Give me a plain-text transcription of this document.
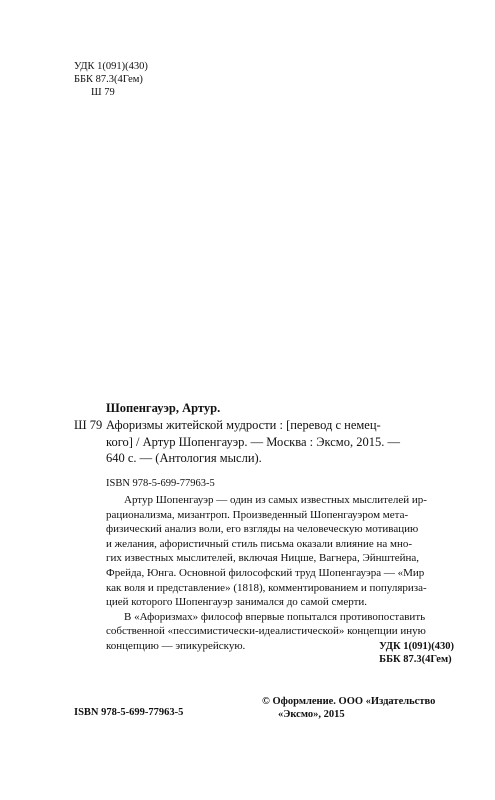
УДК 1(091)(430)
ББК 87.3(4Гем)
Ш 79
Шопенгауэр, Артур.
Ш 79 Афоризмы житейской мудрости : [перевод с немец-
кого] / Артур Шопенгауэр. — Москва : Эксмо, 2015. —
640 с. — (Антология мысли).
ISBN 978-5-699-77963-5
Артур Шопенгауэр — один из самых известных мыслителей ир-
рационализма, мизантроп. Произведенный Шопенгауэром мета-
физический анализ воли, его взгляды на человеческую мотивацию
и желания, афористичный стиль письма оказали влияние на мно-
гих известных мыслителей, включая Ницше, Вагнера, Эйнштейна,
Фрейда, Юнга. Основной философский труд Шопенгауэра — «Мир
как воля и представление» (1818), комментированием и популяриза-
цией которого Шопенгауэр занимался до самой смерти.
В «Афоризмах» философ впервые попытался противопоставить
собственной «пессимистически-идеалистической» концепции иную
концепцию — эпикурейскую.	УДК 1(091)(430)
ББК 87.3(4Гем)
ISBN 978-5-699-77963-5
© Оформление. ООО «Издательство
«Эксмо», 2015
